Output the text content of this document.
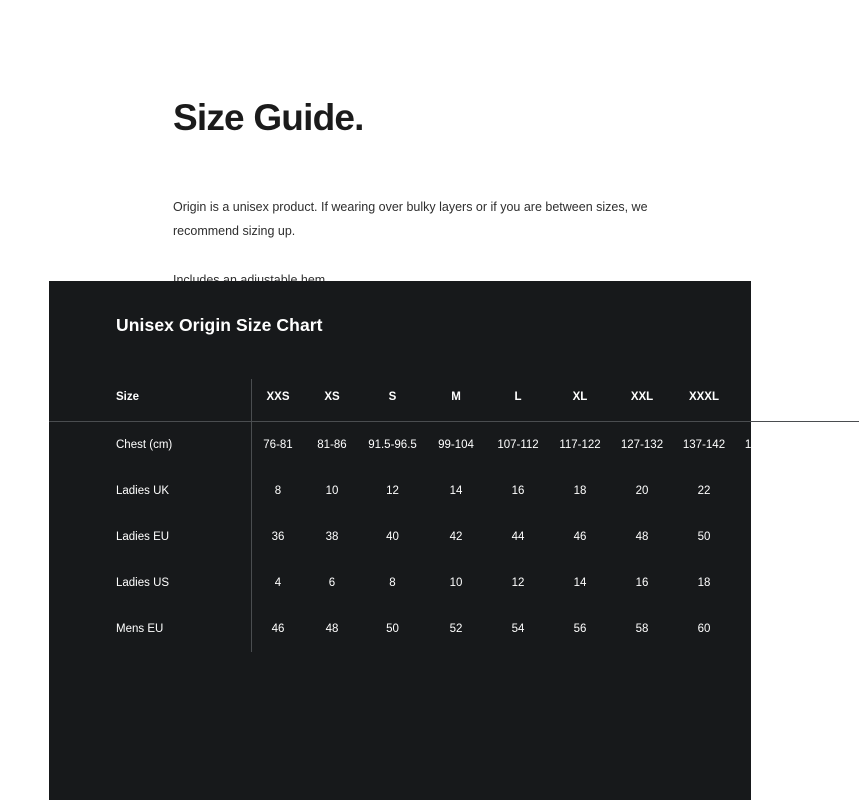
Size Guide.

Origin is a unisex product. If wearing over bulky layers or if you are between sizes, we recommend sizing up.

Unisex Origin Size Chart
Size	XXS	XS	S	M	L	XL	XXL	XXXL	4XL	5XL
Chest (cm)	76-81	81-86	91.5-96.5	99-104	107-112	117-122	127-132	137-142	147-152	157-162
Ladies UK	8	10	12	14	16	18	20	22	24	26
Ladies EU	36	38	40	42	44	46	48	50	52	54
Ladies US	4	6	8	10	12	14	16	18	20	22
Mens EU	46	48	50	52	54	56	58	60	62	64
